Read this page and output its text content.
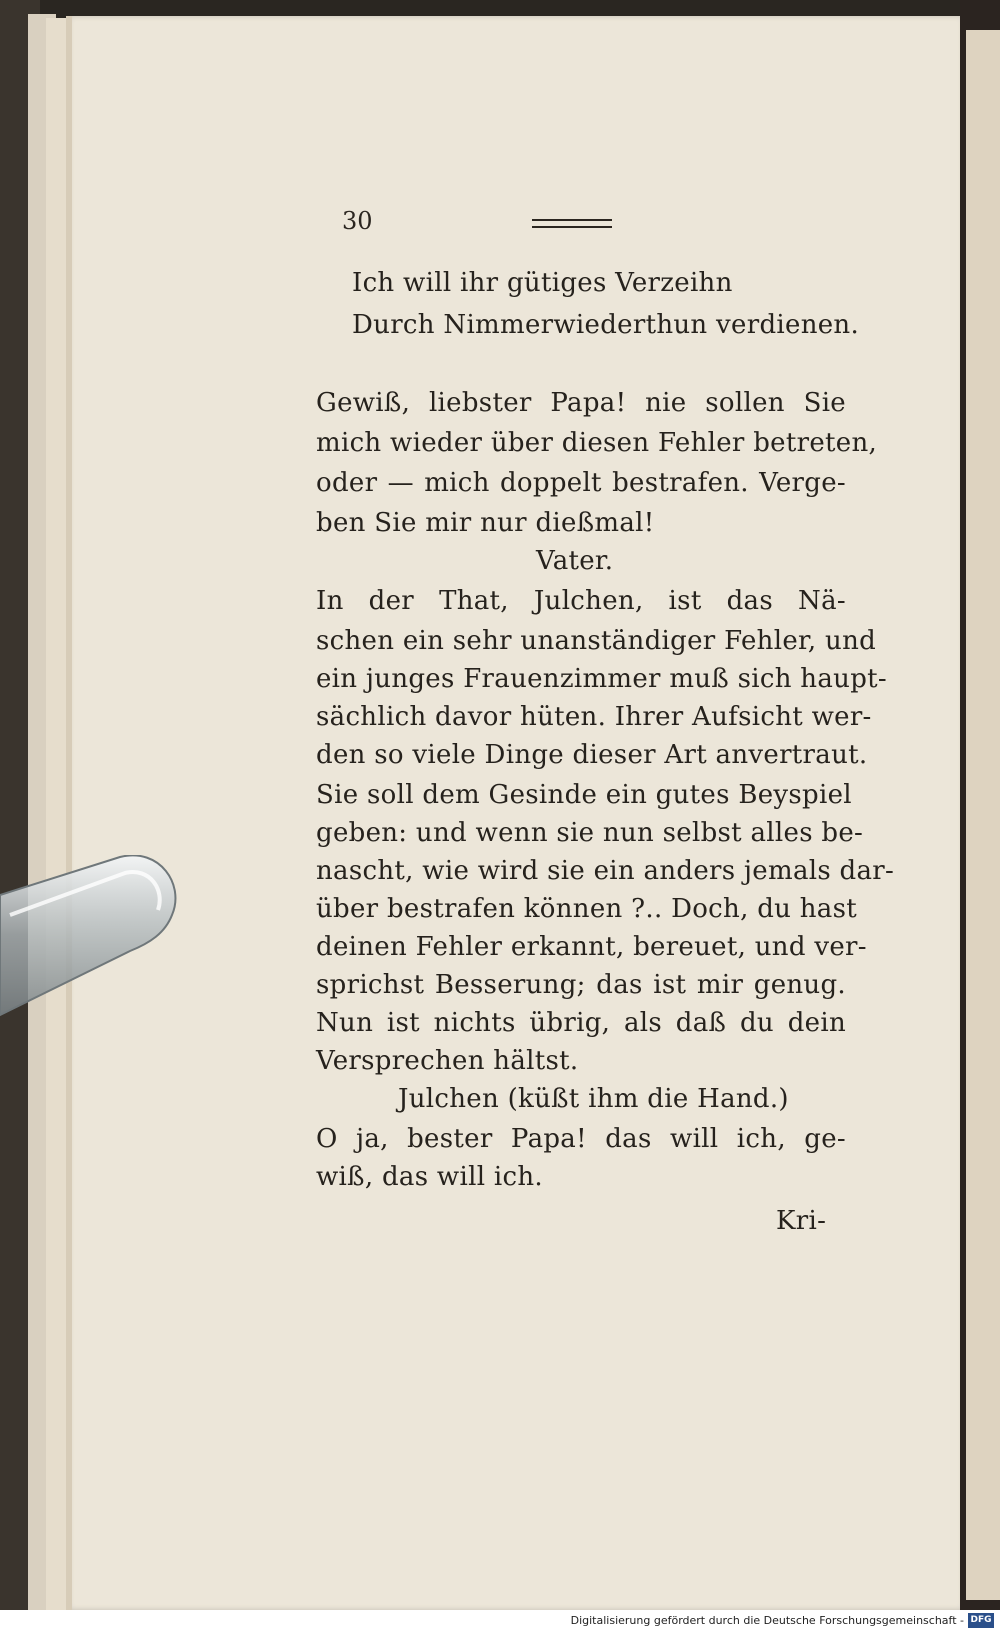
30
Ich will ihr gütiges Verzeihn
Durch Nimmerwiederthun verdienen.
Gewiß, liebster Papa! nie sollen Sie
mich wieder über diesen Fehler betreten,
oder — mich doppelt bestrafen. Verge-
ben Sie mir nur dießmal!
Vater.
In der That, Julchen, ist das Nä-
schen ein sehr unanständiger Fehler, und
ein junges Frauenzimmer muß sich haupt-
sächlich davor hüten. Ihrer Aufsicht wer-
den so viele Dinge dieser Art anvertraut.
Sie soll dem Gesinde ein gutes Beyspiel
geben: und wenn sie nun selbst alles be-
nascht, wie wird sie ein anders jemals dar-
über bestrafen können ?.. Doch, du hast
deinen Fehler erkannt, bereuet, und ver-
sprichst Besserung; das ist mir genug.
Nun ist nichts übrig, als daß du dein
Versprechen hältst.
Julchen (küßt ihm die Hand.)
O ja, bester Papa! das will ich, ge-
wiß, das will ich.
Kri-
Digitalisierung gefördert durch die Deutsche Forschungsgemeinschaft - DFG
